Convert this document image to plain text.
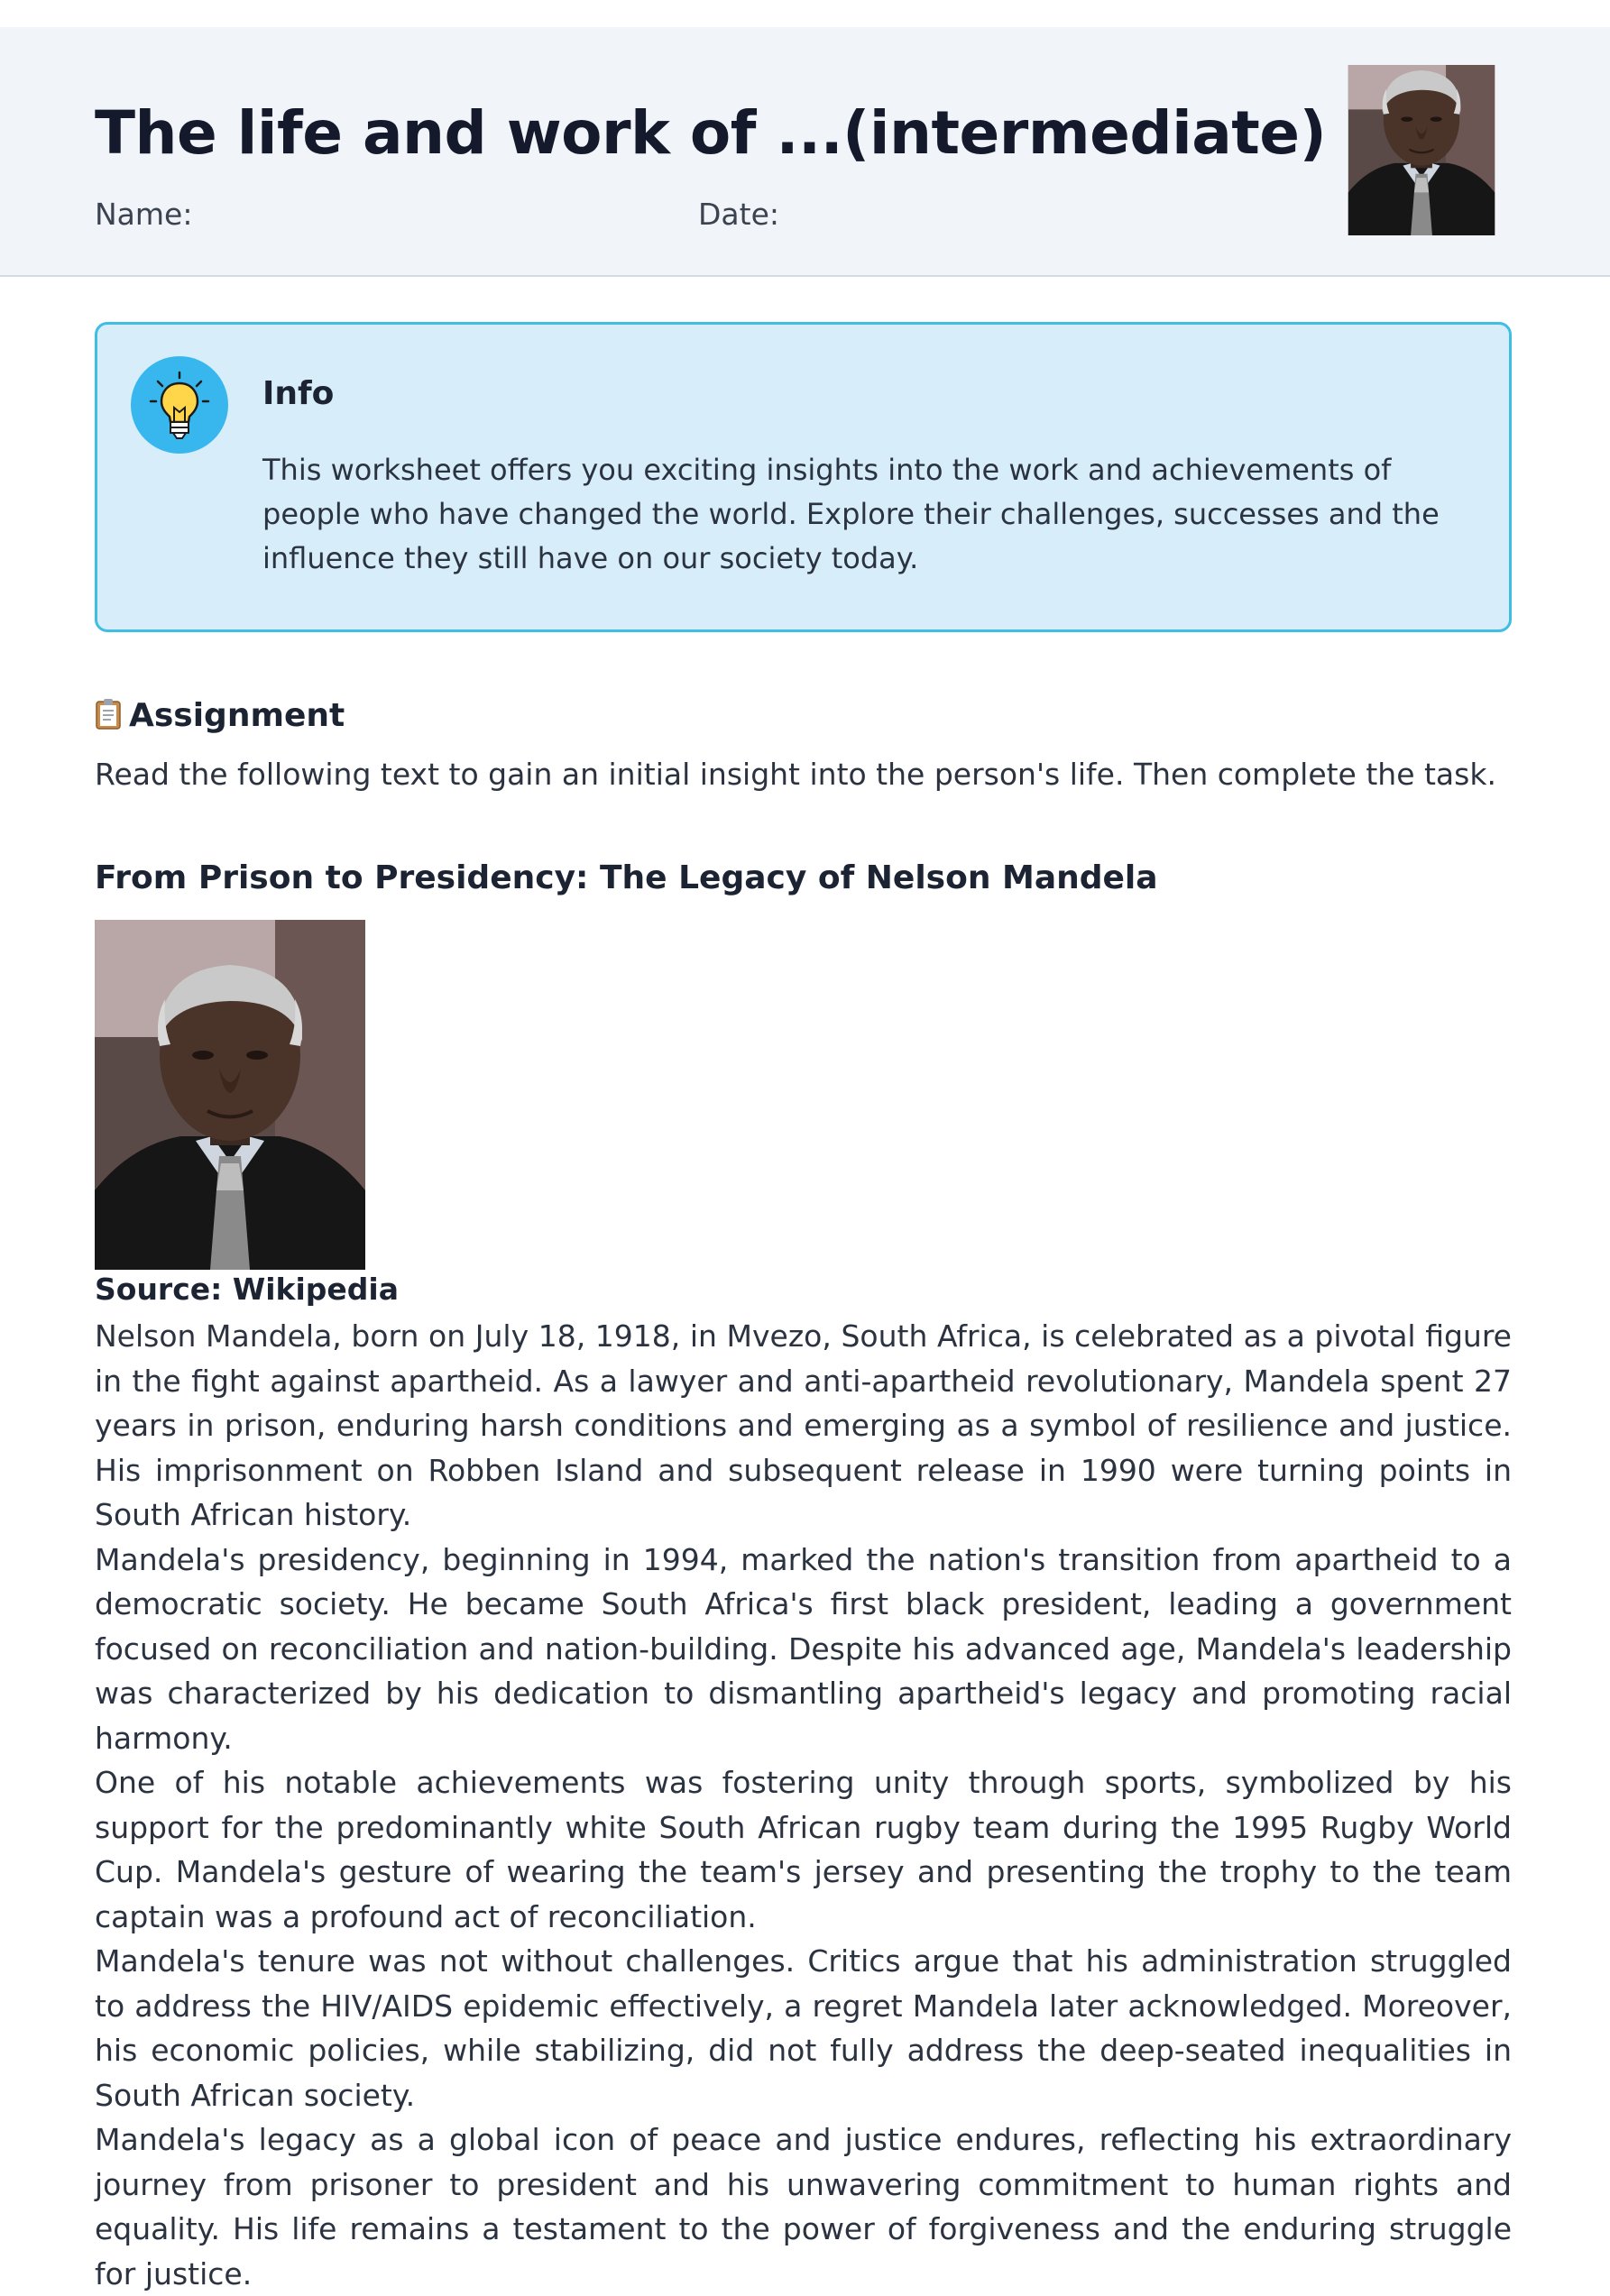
The life and work of ...(intermediate)
Name:	Date:
Info

This worksheet offers you exciting insights into the work and achievements of people who have changed the world. Explore their challenges, successes and the influence they still have on our society today.

Assignment

Read the following text to gain an initial insight into the person's life. Then complete the task.

From Prison to Presidency: The Legacy of Nelson Mandela

Source: Wikipedia

Nelson Mandela, born on July 18, 1918, in Mvezo, South Africa, is celebrated as a pivotal figure in the fight against apartheid. As a lawyer and anti-apartheid revolutionary, Mandela spent 27 years in prison, enduring harsh conditions and emerging as a symbol of resilience and justice. His imprisonment on Robben Island and subsequent release in 1990 were turning points in South African history.
Mandela's presidency, beginning in 1994, marked the nation's transition from apartheid to a democratic society. He became South Africa's first black president, leading a government focused on reconciliation and nation-building. Despite his advanced age, Mandela's leadership was characterized by his dedication to dismantling apartheid's legacy and promoting racial harmony.
One of his notable achievements was fostering unity through sports, symbolized by his support for the predominantly white South African rugby team during the 1995 Rugby World Cup. Mandela's gesture of wearing the team's jersey and presenting the trophy to the team captain was a profound act of reconciliation.
Mandela's tenure was not without challenges. Critics argue that his administration struggled to address the HIV/AIDS epidemic effectively, a regret Mandela later acknowledged. Moreover, his economic policies, while stabilizing, did not fully address the deep-seated inequalities in South African society.
Mandela's legacy as a global icon of peace and justice endures, reflecting his extraordinary journey from prisoner to president and his unwavering commitment to human rights and equality. His life remains a testament to the power of forgiveness and the enduring struggle for justice.
